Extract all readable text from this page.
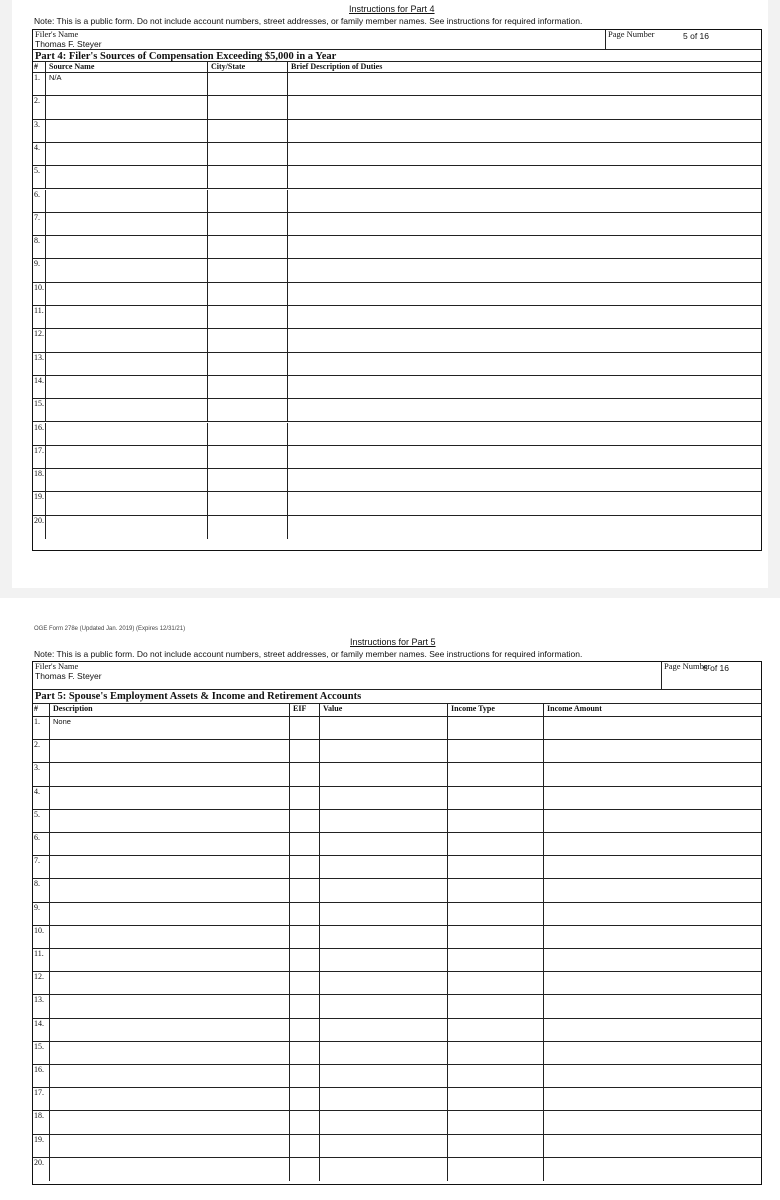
Instructions for Part 4
Note: This is a public form. Do not include account numbers, street addresses, or family member names. See instructions for required information.
Filer's Name
Thomas F. Steyer
Page Number	5 of 16
Part 4: Filer's Sources of Compensation Exceeding $5,000 in a Year
#	Source Name	City/State	Brief Description of Duties
1.	N/A
2.
3.
4.
5.
6.
7.
8.
9.
10.
11.
12.
13.
14.
15.
16.
17.
18.
19.
20.
OGE Form 278e (Updated Jan. 2019) (Expires 12/31/21)
Instructions for Part 5
Note: This is a public form. Do not include account numbers, street addresses, or family member names. See instructions for required information.
Filer's Name
Thomas F. Steyer
Page Number
6 of 16
Part 5: Spouse's Employment Assets & Income and Retirement Accounts
#	Description	EIF	Value	Income Type	Income Amount
1.	None
2.
3.
4.
5.
6.
7.
8.
9.
10.
11.
12.
13.
14.
15.
16.
17.
18.
19.
20.
